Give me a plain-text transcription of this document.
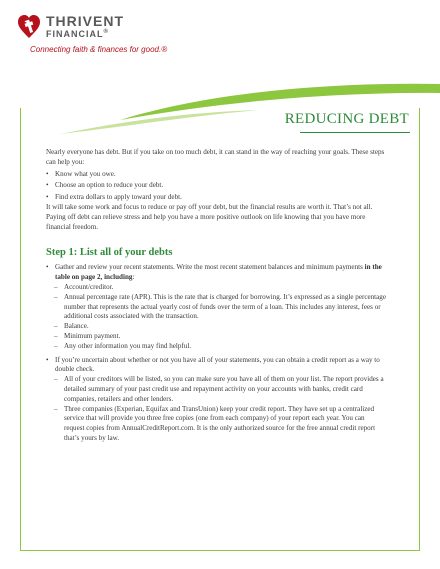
THRIVENT
FINANCIAL®
Connecting faith & finances for good.®
REDUCING DEBT

Nearly everyone has debt. But if you take on too much debt, it can stand in the way of reaching your goals. These steps can help you:

• Know what you owe.

• Choose an option to reduce your debt.

• Find extra dollars to apply toward your debt.

It will take some work and focus to reduce or pay off your debt, but the financial results are worth it. That’s not all. Paying off debt can relieve stress and help you have a more positive outlook on life knowing that you have more financial freedom.

Step 1: List all of your debts

• Gather and review your recent statements. Write the most recent statement balances and minimum payments in the table on page 2, including:

– Account/creditor.

– Annual percentage rate (APR). This is the rate that is charged for borrowing. It’s expressed as a single percentage number that represents the actual yearly cost of funds over the term of a loan. This includes any interest, fees or additional costs associated with the transaction.

– Balance.

– Minimum payment.

– Any other information you may find helpful.

• If you’re uncertain about whether or not you have all of your statements, you can obtain a credit report as a way to double check.

– All of your creditors will be listed, so you can make sure you have all of them on your list. The report provides a detailed summary of your past credit use and repayment activity on your accounts with banks, credit card companies, retailers and other lenders.

– Three companies (Experian, Equifax and TransUnion) keep your credit report. They have set up a centralized service that will provide you three free copies (one from each company) of your report each year. You can request copies from AnnualCreditReport.com. It is the only authorized source for the free annual credit report that’s yours by law.
